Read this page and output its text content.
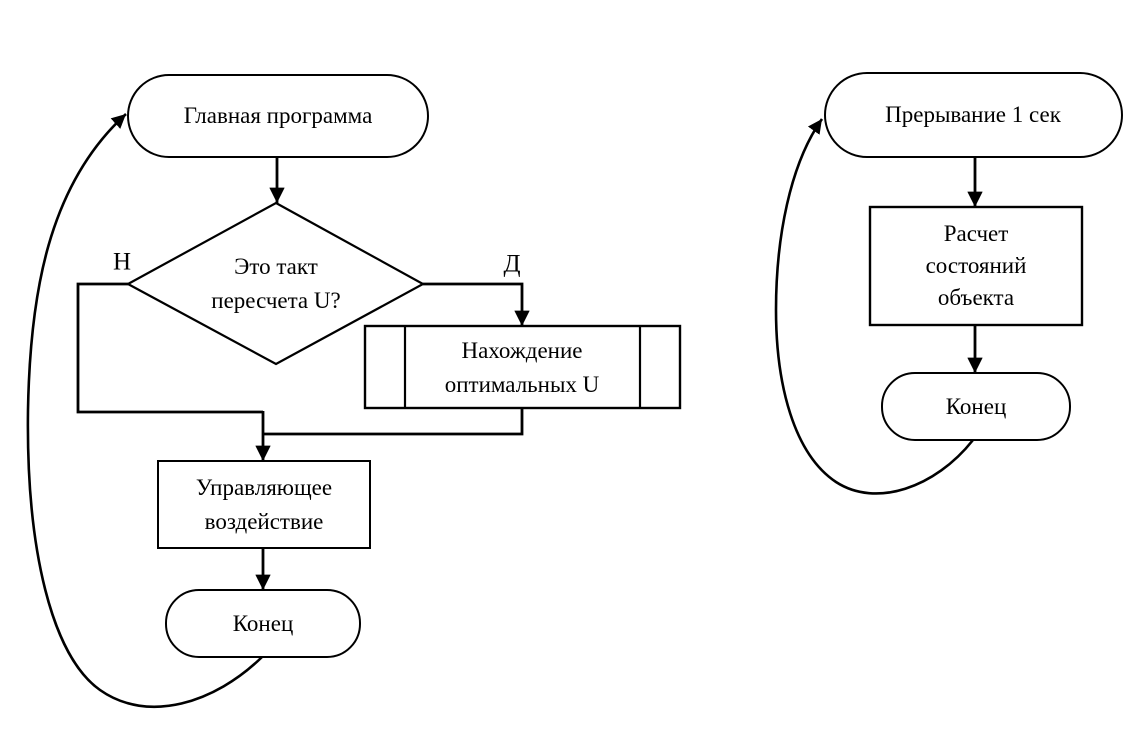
Главная программа
Это такт
пересчета U?
Н	Д
Нахождение
оптимальных U
Управляющее
воздействие
Конец
Прерывание 1 сек
Расчет
состояний
объекта
Конец
